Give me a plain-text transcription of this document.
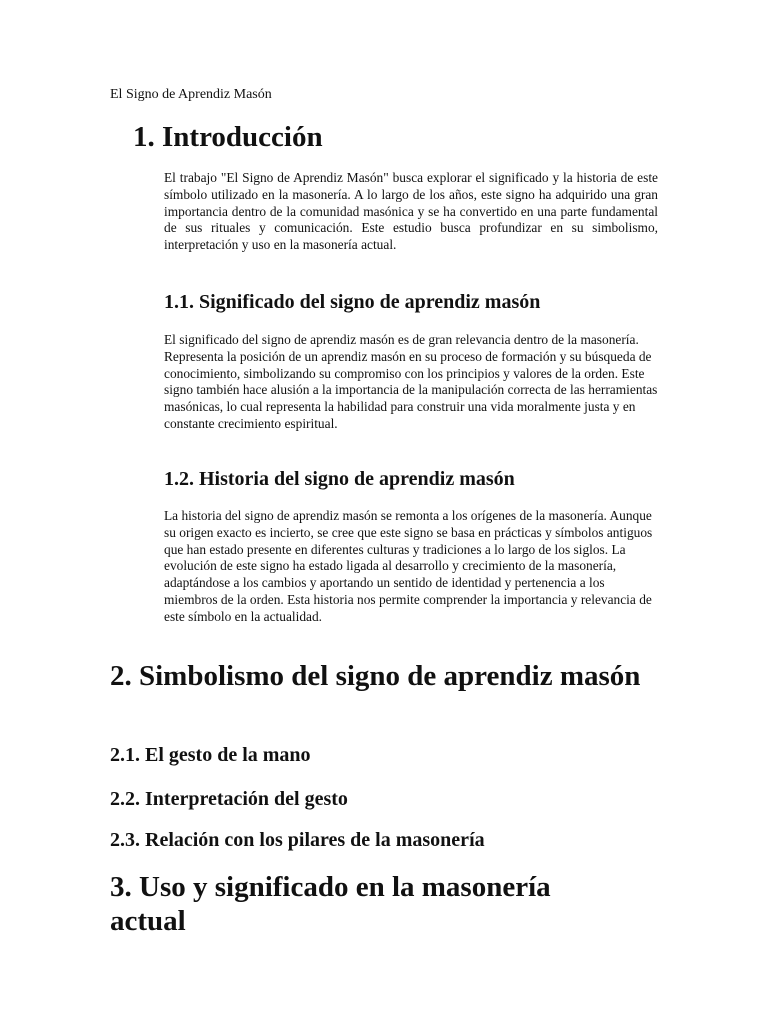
El Signo de Aprendiz Masón

1. Introducción

El trabajo "El Signo de Aprendiz Masón" busca explorar el significado y la historia de este símbolo utilizado en la masonería. A lo largo de los años, este signo ha adquirido una gran importancia dentro de la comunidad masónica y se ha convertido en una parte fundamental de sus rituales y comunicación. Este estudio busca profundizar en su simbolismo, interpretación y uso en la masonería actual.

1.1. Significado del signo de aprendiz masón

El significado del signo de aprendiz masón es de gran relevancia dentro de la masonería. Representa la posición de un aprendiz masón en su proceso de formación y su búsqueda de conocimiento, simbolizando su compromiso con los principios y valores de la orden. Este signo también hace alusión a la importancia de la manipulación correcta de las herramientas masónicas, lo cual representa la habilidad para construir una vida moralmente justa y en constante crecimiento espiritual.

1.2. Historia del signo de aprendiz masón

La historia del signo de aprendiz masón se remonta a los orígenes de la masonería. Aunque su origen exacto es incierto, se cree que este signo se basa en prácticas y símbolos antiguos que han estado presente en diferentes culturas y tradiciones a lo largo de los siglos. La evolución de este signo ha estado ligada al desarrollo y crecimiento de la masonería, adaptándose a los cambios y aportando un sentido de identidad y pertenencia a los miembros de la orden. Esta historia nos permite comprender la importancia y relevancia de este símbolo en la actualidad.

2. Simbolismo del signo de aprendiz masón
2.1. El gesto de la mano
2.2. Interpretación del gesto
2.3. Relación con los pilares de la masonería
3. Uso y significado en la masonería actual
